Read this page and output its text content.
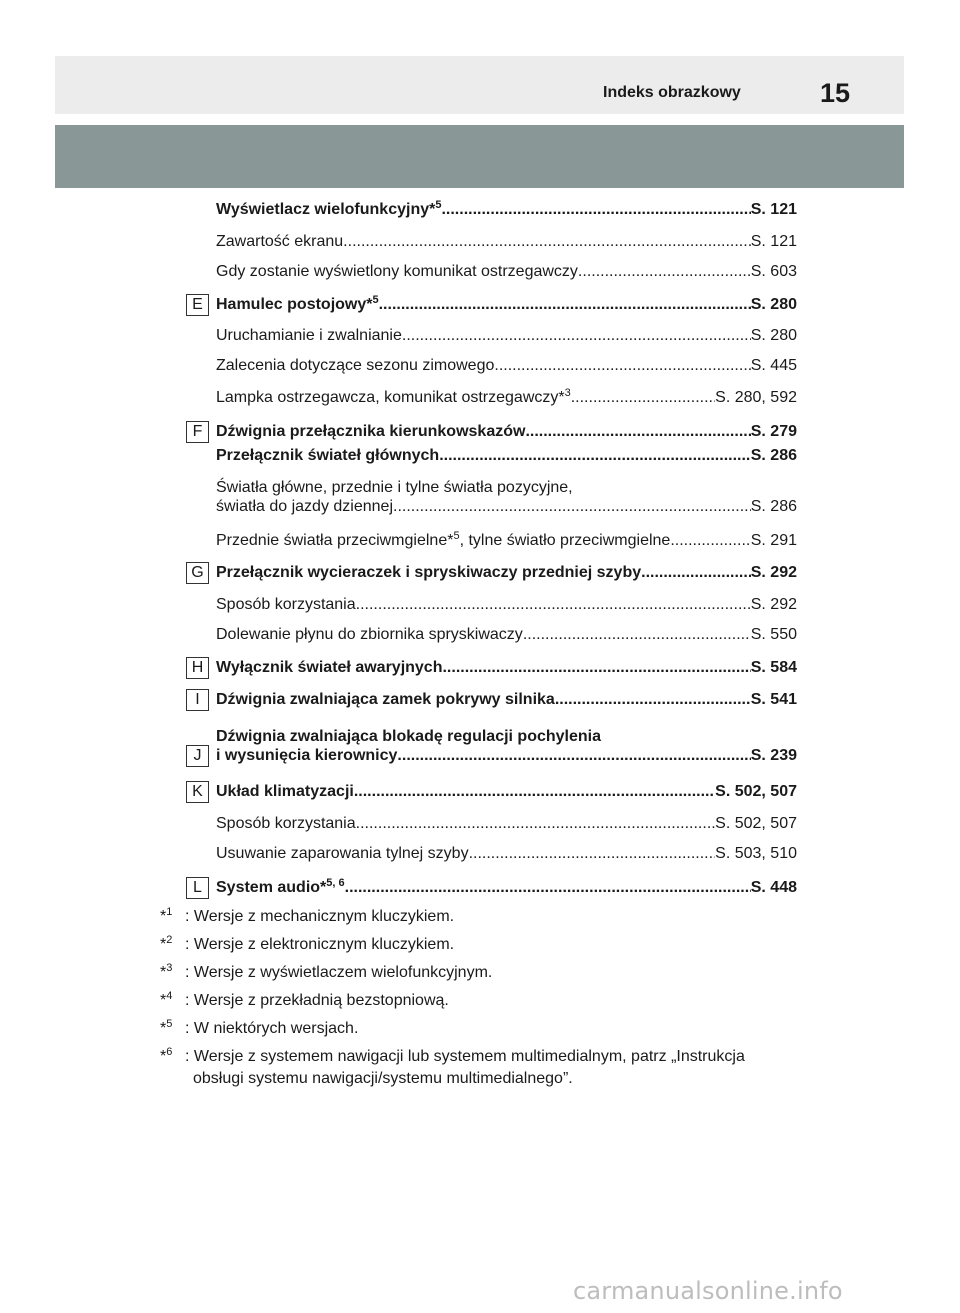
Indeks obrazkowy	15
Wyświetlacz wielofunkcyjny*$^5$ .....	S. 121
Zawartość ekranu .....	S. 121
Gdy zostanie wyświetlony komunikat ostrzegawczy .....	S. 603
E Hamulec postojowy*$^5$ .....	S. 280
Uruchamianie i zwalnianie .....	S. 280
Zalecenia dotyczące sezonu zimowego .....	S. 445
Lampka ostrzegawcza, komunikat ostrzegawczy*$^3$ .....	S. 280, 592
F Dźwignia przełącznika kierunkowskazów .....	S. 279
Przełącznik świateł głównych .....	S. 286
Światła główne, przednie i tylne światła pozycyjne,
światła do jazdy dziennej .....	S. 286
Przednie światła przeciwmgielne*$^5$, tylne światło przeciwmgielne .....	S. 291
G Przełącznik wycieraczek i spryskiwaczy przedniej szyby .....	S. 292
Sposób korzystania .....	S. 292
Dolewanie płynu do zbiornika spryskiwaczy .....	S. 550
H Wyłącznik świateł awaryjnych .....	S. 584
I	Dźwignia zwalniająca zamek pokrywy silnika .....	S. 541
J
Dźwignia zwalniająca blokadę regulacji pochylenia
i wysunięcia kierownicy .....	S. 239
K Układ klimatyzacji .....	S. 502, 507
Sposób korzystania .....	S. 502, 507
Usuwanie zaparowania tylnej szyby .....	S. 503, 510
L System audio*$^{5, 6}$ .....	S. 448
*$^1$ : Wersje z mechanicznym kluczykiem.
*$^2$ : Wersje z elektronicznym kluczykiem.
*$^3$ : Wersje z wyświetlaczem wielofunkcyjnym.
*$^4$ : Wersje z przekładnią bezstopniową.
*$^5$ : W niektórych wersjach.
*$^6$ : Wersje z systemem nawigacji lub systemem multimedialnym, patrz „Instrukcja
obsługi systemu nawigacji/systemu multimedialnego”.
carmanualsonline.info
